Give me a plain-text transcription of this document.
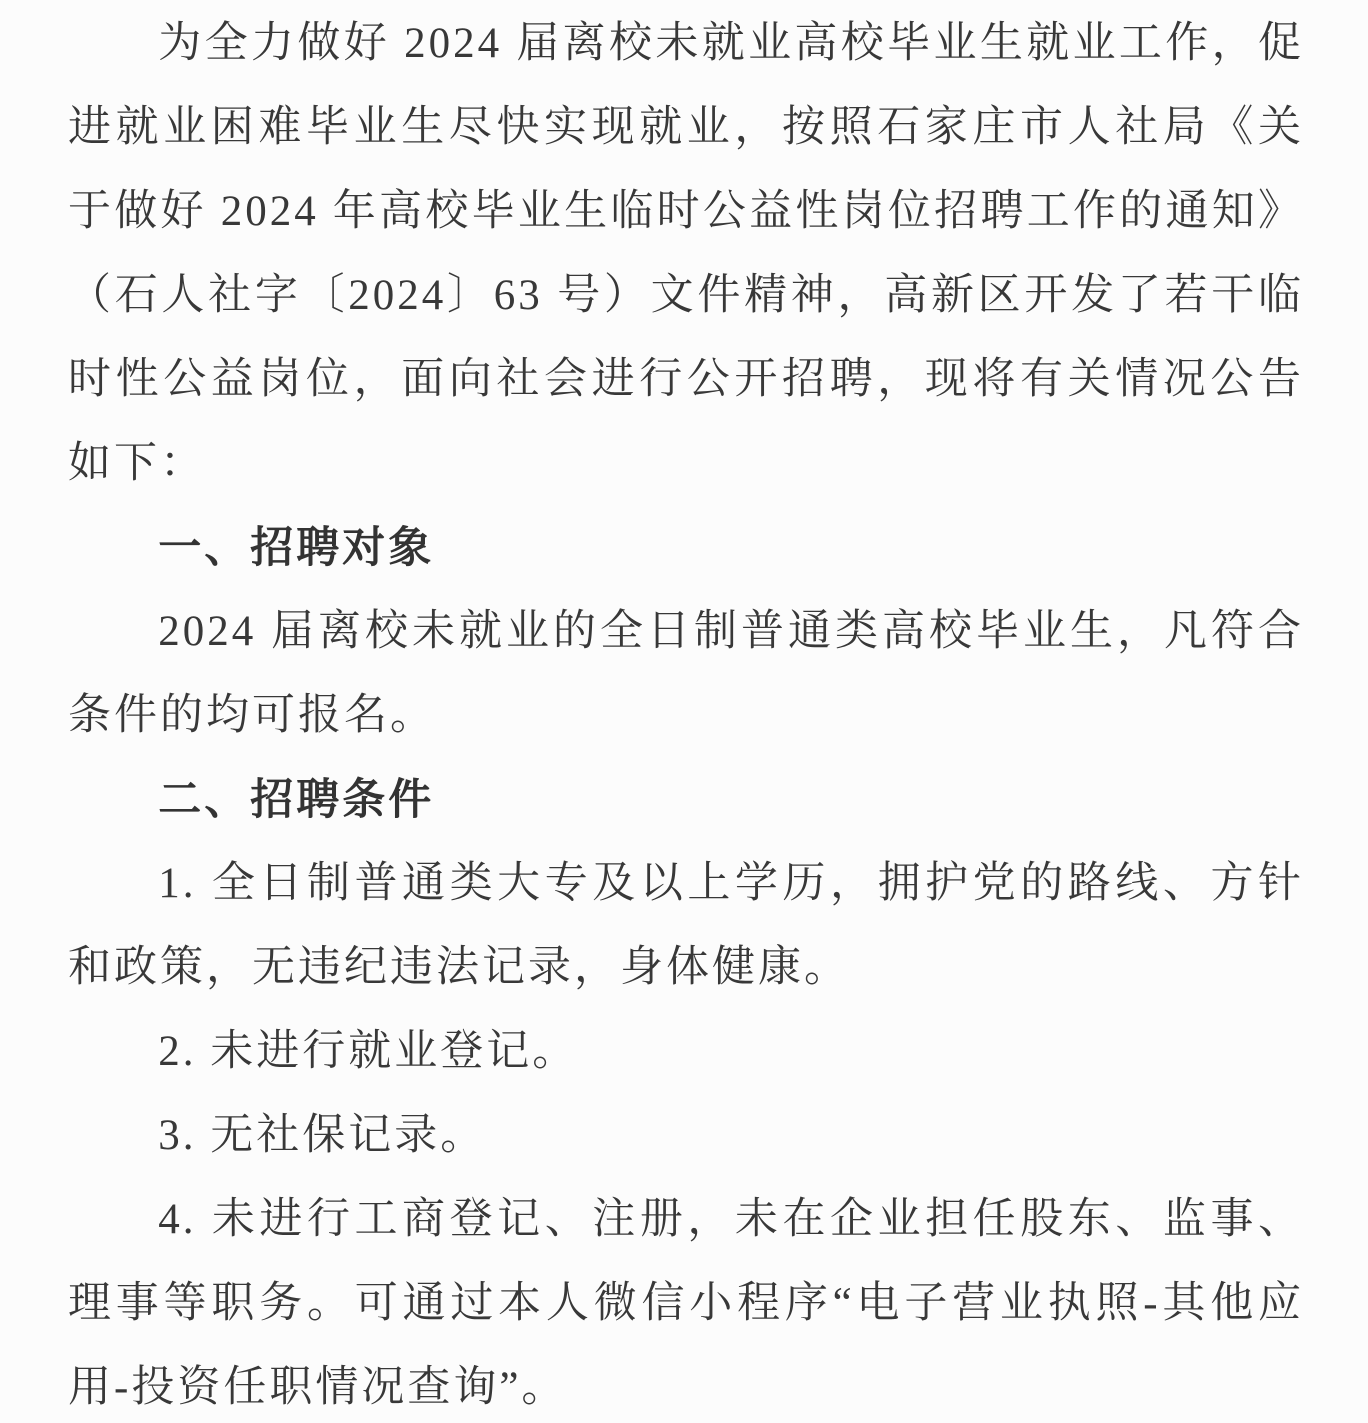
为全力做好 2024 届离校未就业高校毕业生就业工作，促进就业困难毕业生尽快实现就业，按照石家庄市人社局《关于做好 2024 年高校毕业生临时公益性岗位招聘工作的通知》（石人社字〔2024〕63 号）文件精神，高新区开发了若干临时性公益岗位，面向社会进行公开招聘，现将有关情况公告如下：

一、招聘对象

2024 届离校未就业的全日制普通类高校毕业生，凡符合条件的均可报名。

二、招聘条件

1. 全日制普通类大专及以上学历，拥护党的路线、方针和政策，无违纪违法记录，身体健康。

2. 未进行就业登记。

3. 无社保记录。

4. 未进行工商登记、注册，未在企业担任股东、监事、理事等职务。可通过本人微信小程序“电子营业执照-其他应用-投资任职情况查询”。
